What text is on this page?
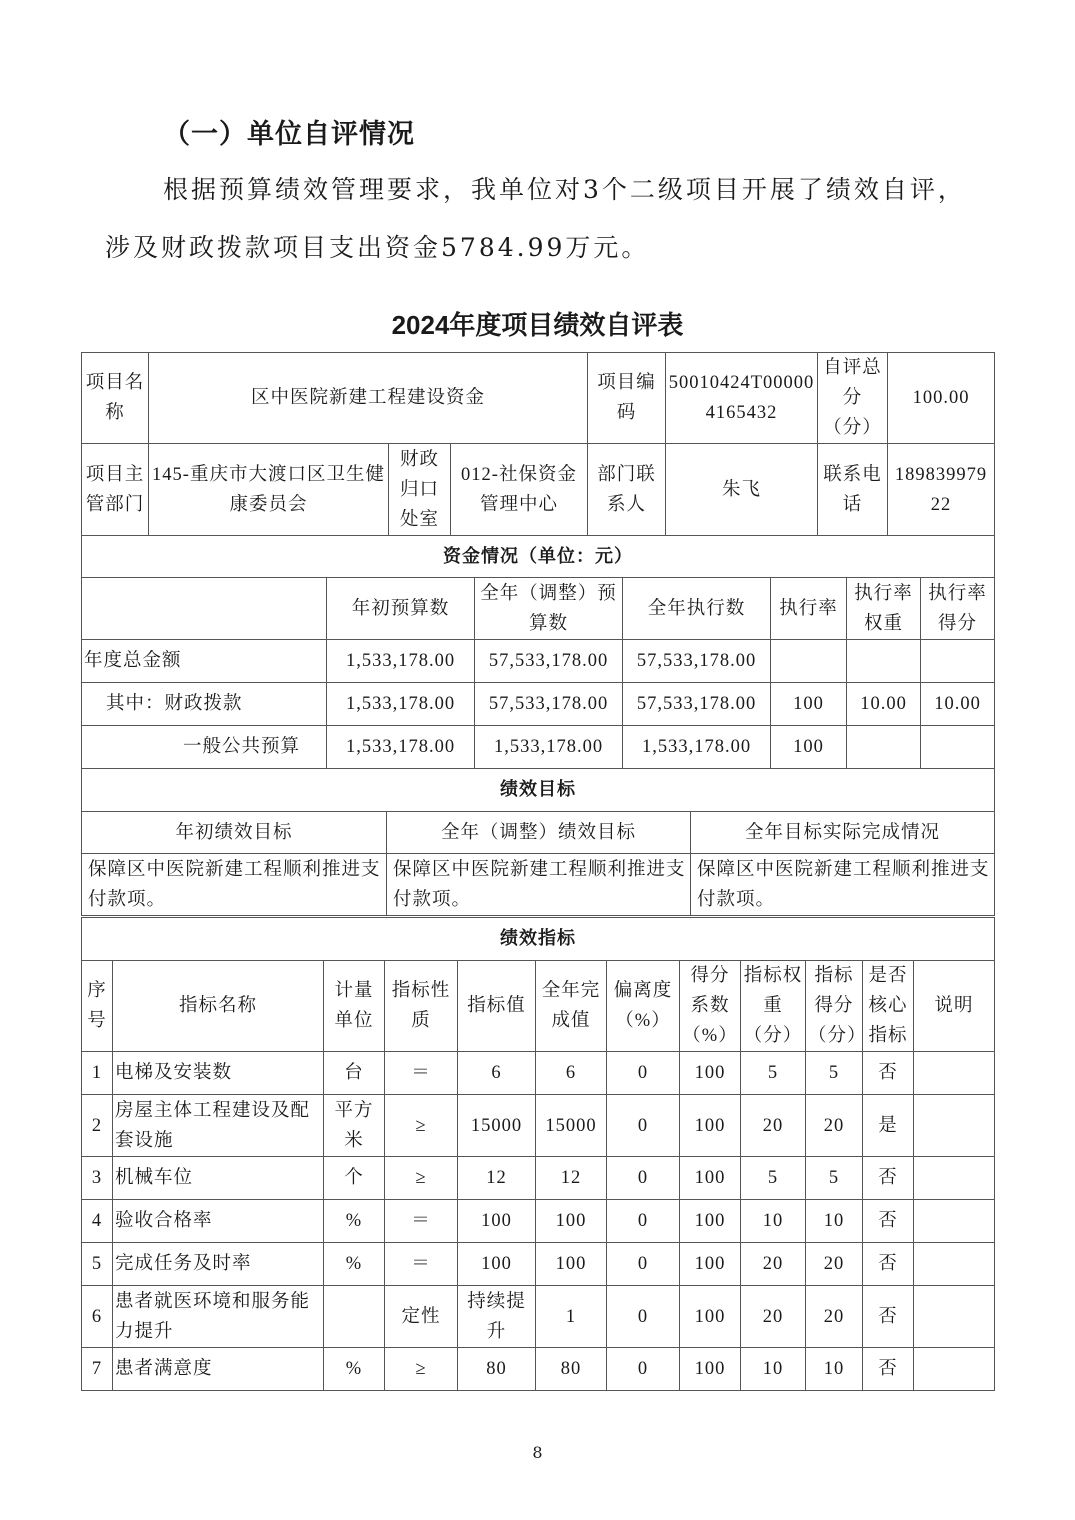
（一）单位自评情况
根据预算绩效管理要求，我单位对3个二级项目开展了绩效自评，
涉及财政拨款项目支出资金5784.99万元。
2024年度项目绩效自评表
项目名称	区中医院新建工程建设资金			项目编码	50010424T000004165432	自评总分（分）	100.00
项目主管部门	145-重庆市大渡口区卫生健康委员会	财政归口处室	012-社保资金管理中心	部门联系人	朱飞	联系电话	18983997922
资金情况（单位：元）						
	年初预算数	全年（调整）预算数	全年执行数	执行率	执行率权重	执行率得分
年度总金额	1,533,178.00	57,533,178.00	57,533,178.00			
其中：财政拨款	1,533,178.00	57,533,178.00	57,533,178.00	100	10.00	10.00
一般公共预算	1,533,178.00	1,533,178.00	1,533,178.00	100		
绩效目标		
年初绩效目标	全年（调整）绩效目标	全年目标实际完成情况
保障区中医院新建工程顺利推进支付款项。	保障区中医院新建工程顺利推进支付款项。	保障区中医院新建工程顺利推进支付款项。
绩效指标											
序号	指标名称	计量单位	指标性质	指标值	全年完成值	偏离度（%）	得分系数（%）	指标权重（分）	指标得分（分）	是否核心指标	说明
1	电梯及安装数	台	＝	6	6	0	100	5	5	否	
2	房屋主体工程建设及配套设施	平方米	≥	15000	15000	0	100	20	20	是	
3	机械车位	个	≥	12	12	0	100	5	5	否	
4	验收合格率	%	＝	100	100	0	100	10	10	否	
5	完成任务及时率	%	＝	100	100	0	100	20	20	否	
6	患者就医环境和服务能力提升		定性	持续提升	1	0	100	20	20	否	
7	患者满意度	%	≥	80	80	0	100	10	10	否	
8
